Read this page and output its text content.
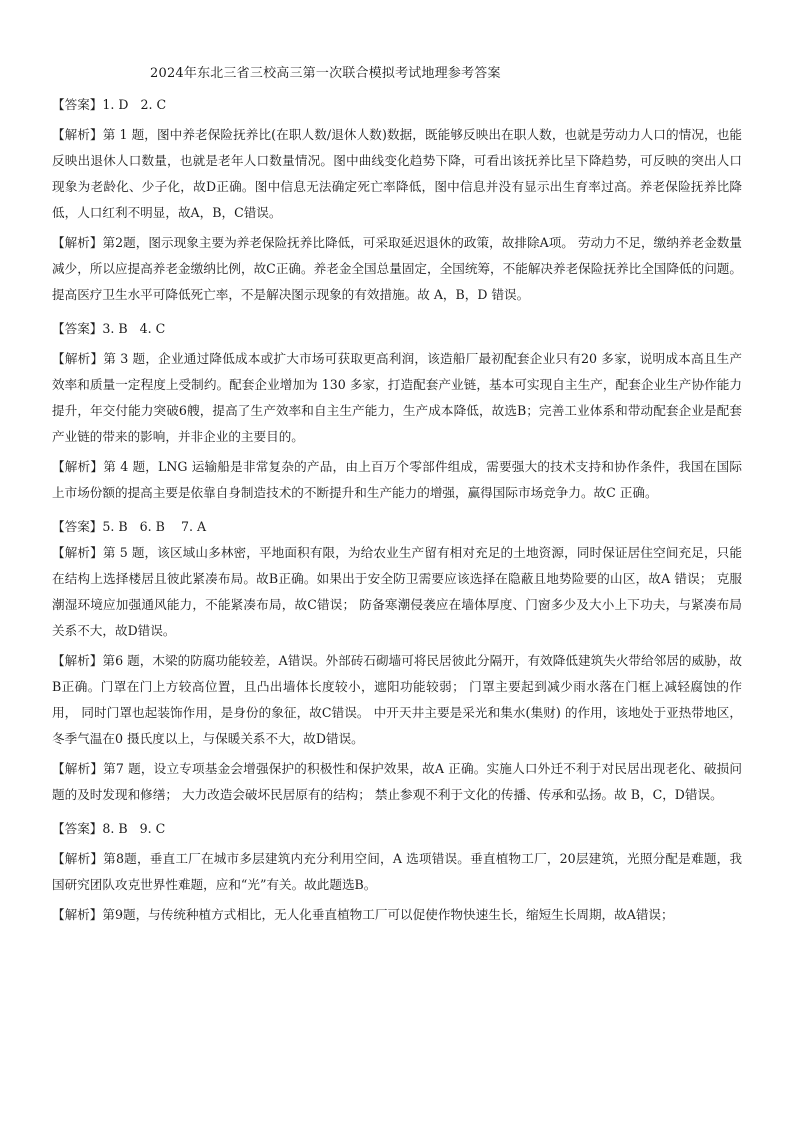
2024年东北三省三校高三第一次联合模拟考试地理参考答案
【答案】1. D   2. C

【解析】第 1 题，图中养老保险抚养比(在职人数/退休人数)数据，既能够反映出在职人数，也就是劳动力人口的情况，也能反映出退休人口数量，也就是老年人口数量情况。图中曲线变化趋势下降，可看出该抚养比呈下降趋势，可反映的突出人口现象为老龄化、少子化，故D正确。图中信息无法确定死亡率降低，图中信息并没有显示出生育率过高。养老保险抚养比降低，人口红利不明显，故A，B，C错误。

【解析】第2题，图示现象主要为养老保险抚养比降低，可采取延迟退休的政策，故排除A项。 劳动力不足，缴纳养老金数量减少，所以应提高养老金缴纳比例，故C正确。养老金全国总量固定，全国统筹，不能解决养老保险抚养比全国降低的问题。提高医疗卫生水平可降低死亡率，不是解决图示现象的有效措施。故 A，B，D 错误。

【答案】3. B   4. C

【解析】第 3 题，企业通过降低成本或扩大市场可获取更高利润，该造船厂最初配套企业只有20 多家，说明成本高且生产效率和质量一定程度上受制约。配套企业增加为 130 多家，打造配套产业链，基本可实现自主生产，配套企业生产协作能力提升，年交付能力突破6艘，提高了生产效率和自主生产能力，生产成本降低，故选B；完善工业体系和带动配套企业是配套产业链的带来的影响，并非企业的主要目的。

【解析】第 4 题，LNG 运输船是非常复杂的产品，由上百万个零部件组成，需要强大的技术支持和协作条件，我国在国际上市场份额的提高主要是依靠自身制造技术的不断提升和生产能力的增强，赢得国际市场竞争力。故C 正确。

【答案】5. B   6. B    7. A

【解析】第 5 题，该区域山多林密，平地面积有限，为给农业生产留有相对充足的土地资源，同时保证居住空间充足，只能在结构上选择楼居且彼此紧凑布局。故B正确。如果出于安全防卫需要应该选择在隐蔽且地势险要的山区，故A 错误； 克服潮湿环境应加强通风能力，不能紧凑布局，故C错误； 防备寒潮侵袭应在墙体厚度、门窗多少及大小上下功夫，与紧凑布局关系不大，故D错误。

【解析】第6 题，木梁的防腐功能较差，A错误。外部砖石砌墙可将民居彼此分隔开，有效降低建筑失火带给邻居的威胁，故B正确。门罩在门上方较高位置，且凸出墙体长度较小，遮阳功能较弱； 门罩主要起到减少雨水落在门框上减轻腐蚀的作用， 同时门罩也起装饰作用，是身份的象征，故C错误。 中开天井主要是采光和集水(集财) 的作用，该地处于亚热带地区，冬季气温在0 摄氏度以上，与保暖关系不大，故D错误。

【解析】第7 题，设立专项基金会增强保护的积极性和保护效果，故A 正确。实施人口外迁不利于对民居出现老化、破损问题的及时发现和修缮； 大力改造会破坏民居原有的结构； 禁止参观不利于文化的传播、传承和弘扬。故 B，C，D错误。

【答案】8. B   9. C

【解析】第8题，垂直工厂在城市多层建筑内充分利用空间，A 选项错误。垂直植物工厂，20层建筑，光照分配是难题，我国研究团队攻克世界性难题，应和“光”有关。故此题选B。

【解析】第9题，与传统种植方式相比，无人化垂直植物工厂可以促使作物快速生长，缩短生长周期，故A错误；
